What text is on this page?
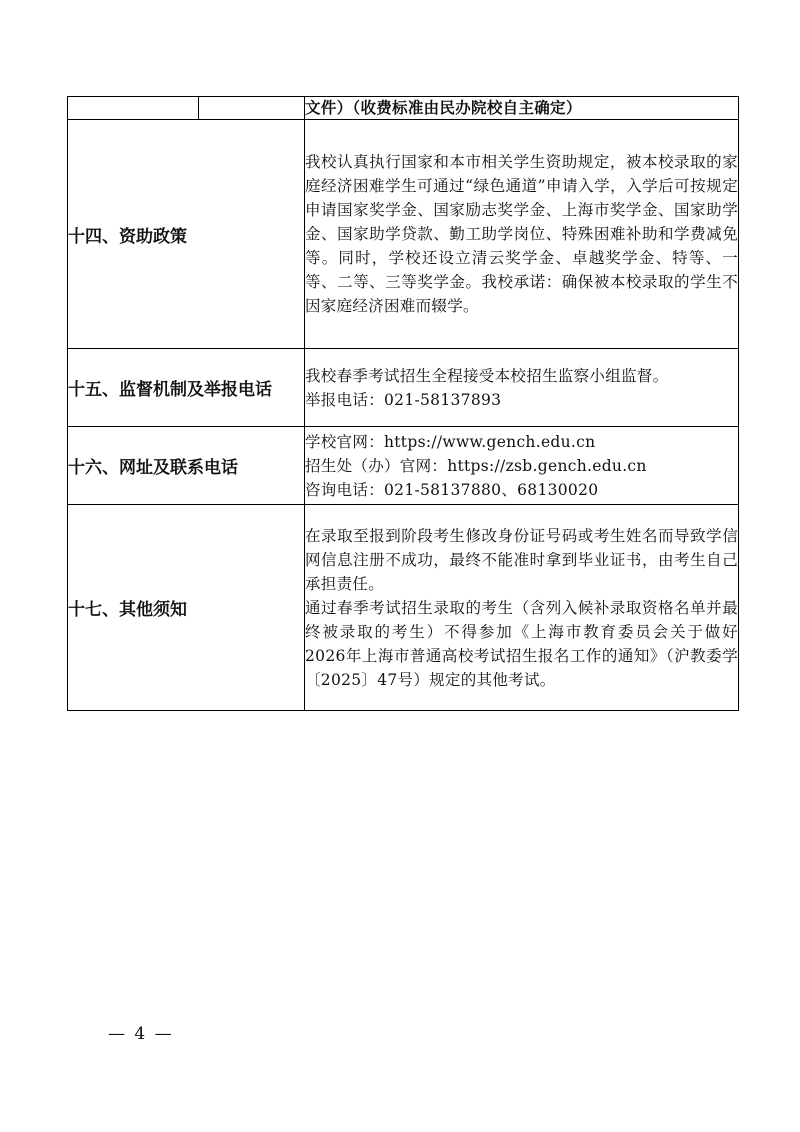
		文件）（收费标准由民办院校自主确定）
十四、资助政策		我校认真执行国家和本市相关学生资助规定，被本校录取的家庭经济困难学生可通过“绿色通道”申请入学，入学后可按规定申请国家奖学金、国家励志奖学金、上海市奖学金、国家助学金、国家助学贷款、勤工助学岗位、特殊困难补助和学费减免等。同时，学校还设立清云奖学金、卓越奖学金、特等、一等、二等、三等奖学金。我校承诺：确保被本校录取的学生不因家庭经济困难而辍学。
十五、监督机制及举报电话		我校春季考试招生全程接受本校招生监察小组监督。

举报电话：021-58137893

十六、网址及联系电话		学校官网：https://www.gench.edu.cn

招生处（办）官网：https://zsb.gench.edu.cn

咨询电话：021-58137880、68130020

十七、其他须知		在录取至报到阶段考生修改身份证号码或考生姓名而导致学信网信息注册不成功，最终不能准时拿到毕业证书，由考生自己承担责任。

通过春季考试招生录取的考生（含列入候补录取资格名单并最终被录取的考生）不得参加《上海市教育委员会关于做好2026年上海市普通高校考试招生报名工作的通知》（沪教委学〔2025〕47号）规定的其他考试。

— 4 —
